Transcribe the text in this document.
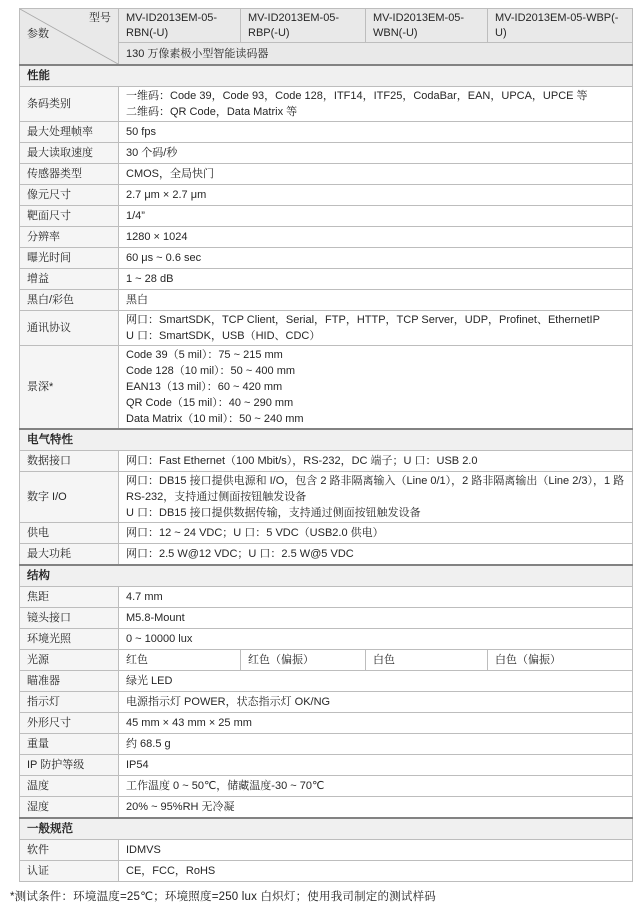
型号
参数	MV-ID2013EM-05-RBN(-U)	MV-ID2013EM-05-RBP(-U)	MV-ID2013EM-05-WBN(-U)	MV-ID2013EM-05-WBP(-U)
	130 万像素极小型智能读码器			
性能				
条码类别	一维码：Code 39，Code 93，Code 128，ITF14，ITF25，CodaBar，EAN，UPCA，UPCE 等
二维码：QR Code，Data Matrix 等			

最大处理帧率	50 fps			

最大读取速度	30 个码/秒			

传感器类型	CMOS，全局快门			

像元尺寸	2.7 μm × 2.7 μm			

靶面尺寸	1/4”			

分辨率	1280 × 1024			

曝光时间	60 μs ~ 0.6 sec			

增益	1 ~ 28 dB			

黑白/彩色	黑白			

通讯协议	网口：SmartSDK，TCP Client，Serial，FTP，HTTP，TCP Server，UDP，Profinet、EthernetIP
U 口：SmartSDK，USB（HID、CDC）			

景深*	Code 39（5 mil）：75 ~ 215 mm
Code 128（10 mil）：50 ~ 400 mm
EAN13（13 mil）：60 ~ 420 mm
QR Code（15 mil）：40 ~ 290 mm
Data Matrix（10 mil）：50 ~ 240 mm			

电气特性				
数据接口	网口：Fast Ethernet（100 Mbit/s），RS-232，DC 端子；U 口：USB 2.0			

数字 I/O	网口：DB15 接口提供电源和 I/O，包含 2 路非隔离输入（Line 0/1），2 路非隔离输出（Line 2/3），1 路 RS-232，支持通过侧面按钮触发设备
U 口：DB15 接口提供数据传输，支持通过侧面按钮触发设备			

供电	网口：12 ~ 24 VDC；U 口：5 VDC（USB2.0 供电）			

最大功耗	网口：2.5 W@12 VDC；U 口：2.5 W@5 VDC			

结构				
焦距	4.7 mm			

镜头接口	M5.8-Mount			

环境光照	0 ~ 10000 lux			

光源	红色	红色（偏振）	白色	白色（偏振）
瞄准器	绿光 LED			

指示灯	电源指示灯 POWER，状态指示灯 OK/NG			

外形尺寸	45 mm × 43 mm × 25 mm			

重量	约 68.5 g			

IP 防护等级	IP54			

温度	工作温度 0 ~ 50℃，储藏温度-30 ~ 70℃			

湿度	20% ~ 95%RH 无冷凝			

一般规范				
软件	IDMVS			

认证	CE，FCC，RoHS			
*测试条件：环境温度=25℃；环境照度=250 lux 白炽灯；使用我司制定的测试样码
